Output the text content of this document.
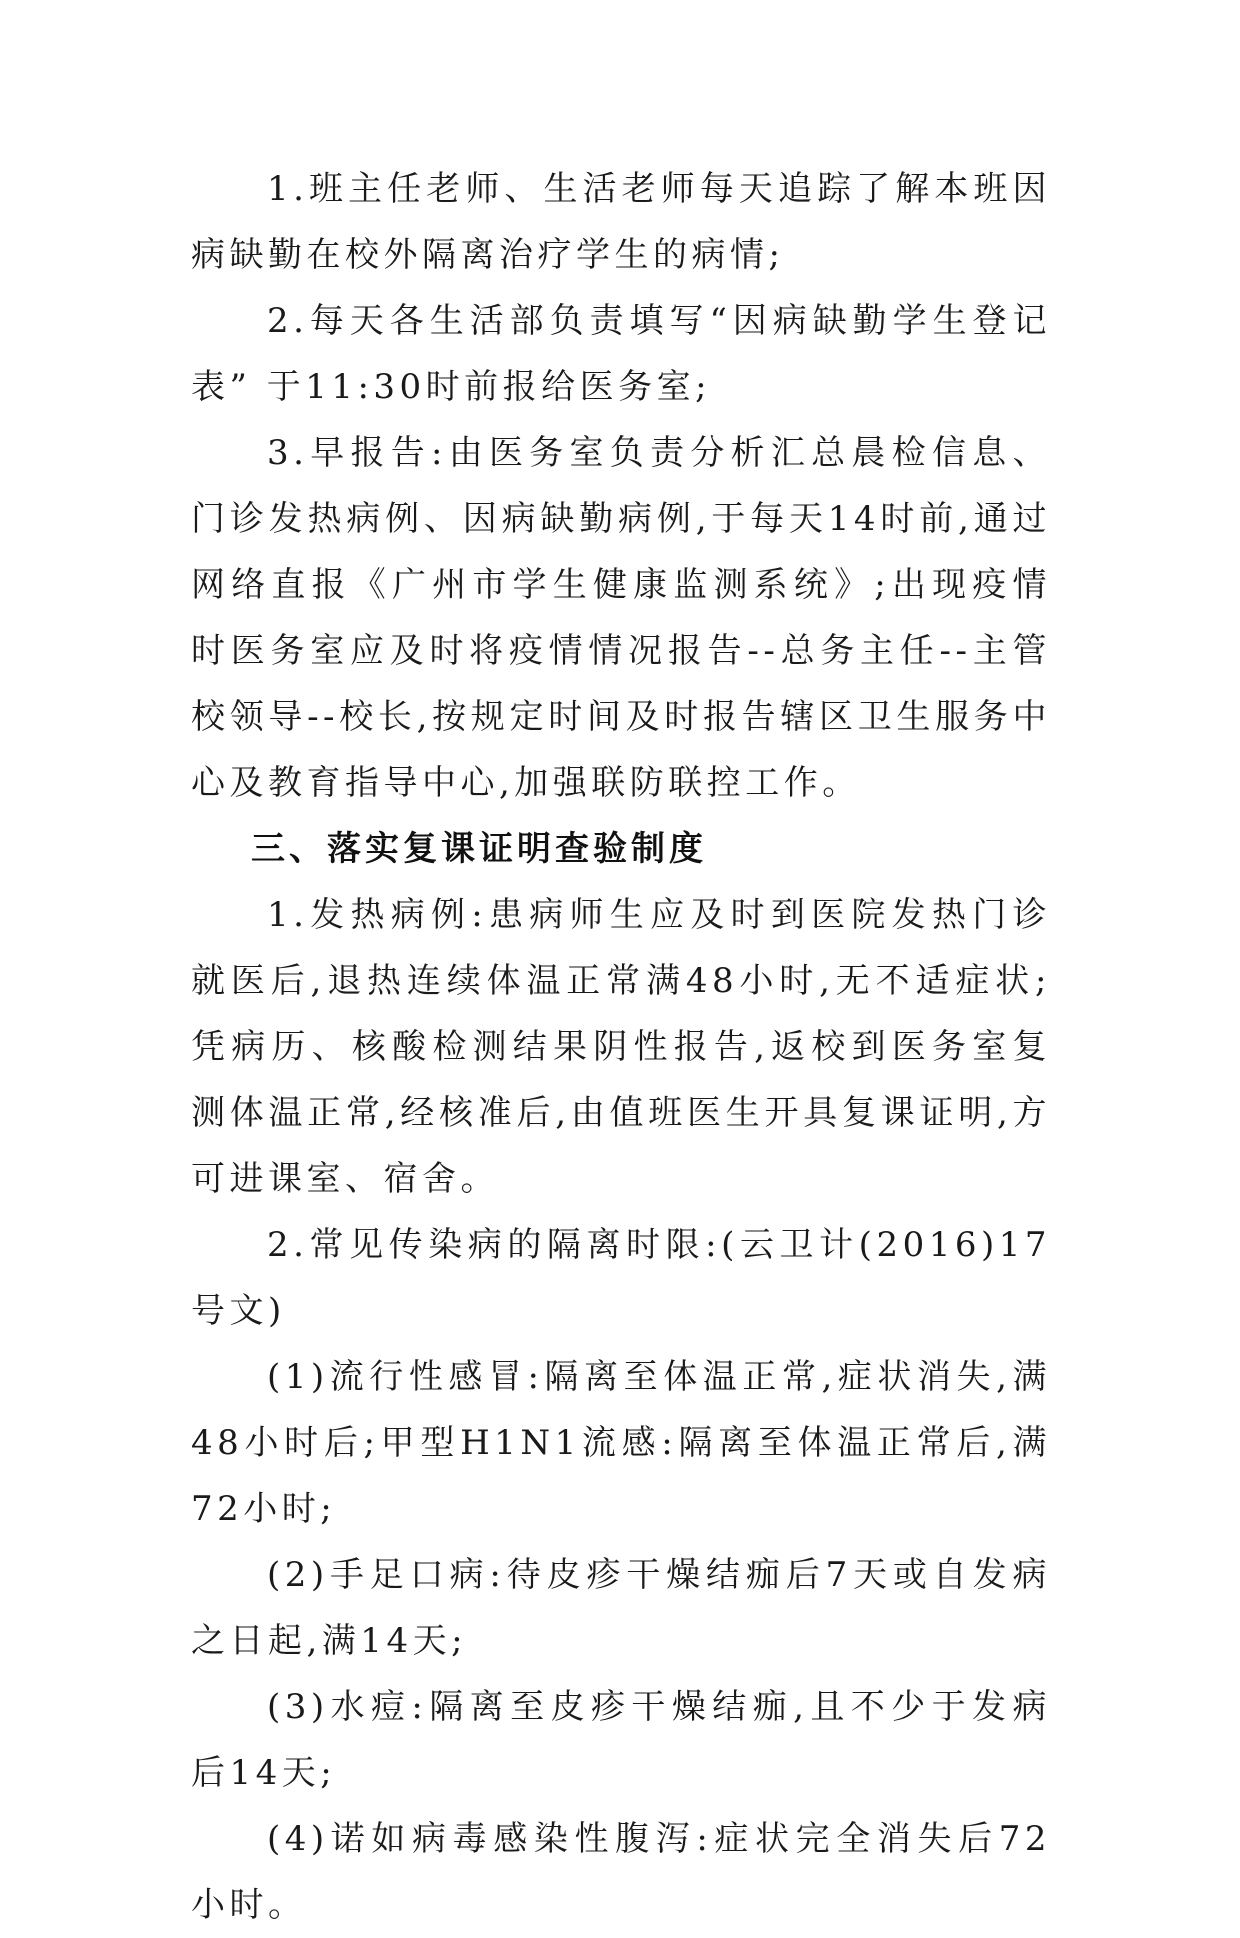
1.班主任老师、生活老师每天追踪了解本班因病缺勤在校外隔离治疗学生的病情;

2.每天各生活部负责填写“因病缺勤学生登记表” 于11:30时前报给医务室;

3.早报告:由医务室负责分析汇总晨检信息、门诊发热病例、因病缺勤病例,于每天14时前,通过网络直报《广州市学生健康监测系统》;出现疫情时医务室应及时将疫情情况报告--总务主任--主管校领导--校长,按规定时间及时报告辖区卫生服务中心及教育指导中心,加强联防联控工作。

三、落实复课证明查验制度

1.发热病例:患病师生应及时到医院发热门诊就医后,退热连续体温正常满48小时,无不适症状;凭病历、核酸检测结果阴性报告,返校到医务室复测体温正常,经核准后,由值班医生开具复课证明,方可进课室、宿舍。

2.常见传染病的隔离时限:(云卫计(2016)17号文)

(1)流行性感冒:隔离至体温正常,症状消失,满48小时后;甲型H1N1流感:隔离至体温正常后,满72小时;

(2)手足口病:待皮疹干燥结痂后7天或自发病之日起,满14天;

(3)水痘:隔离至皮疹干燥结痂,且不少于发病后14天;

(4)诺如病毒感染性腹泻:症状完全消失后72小时。
